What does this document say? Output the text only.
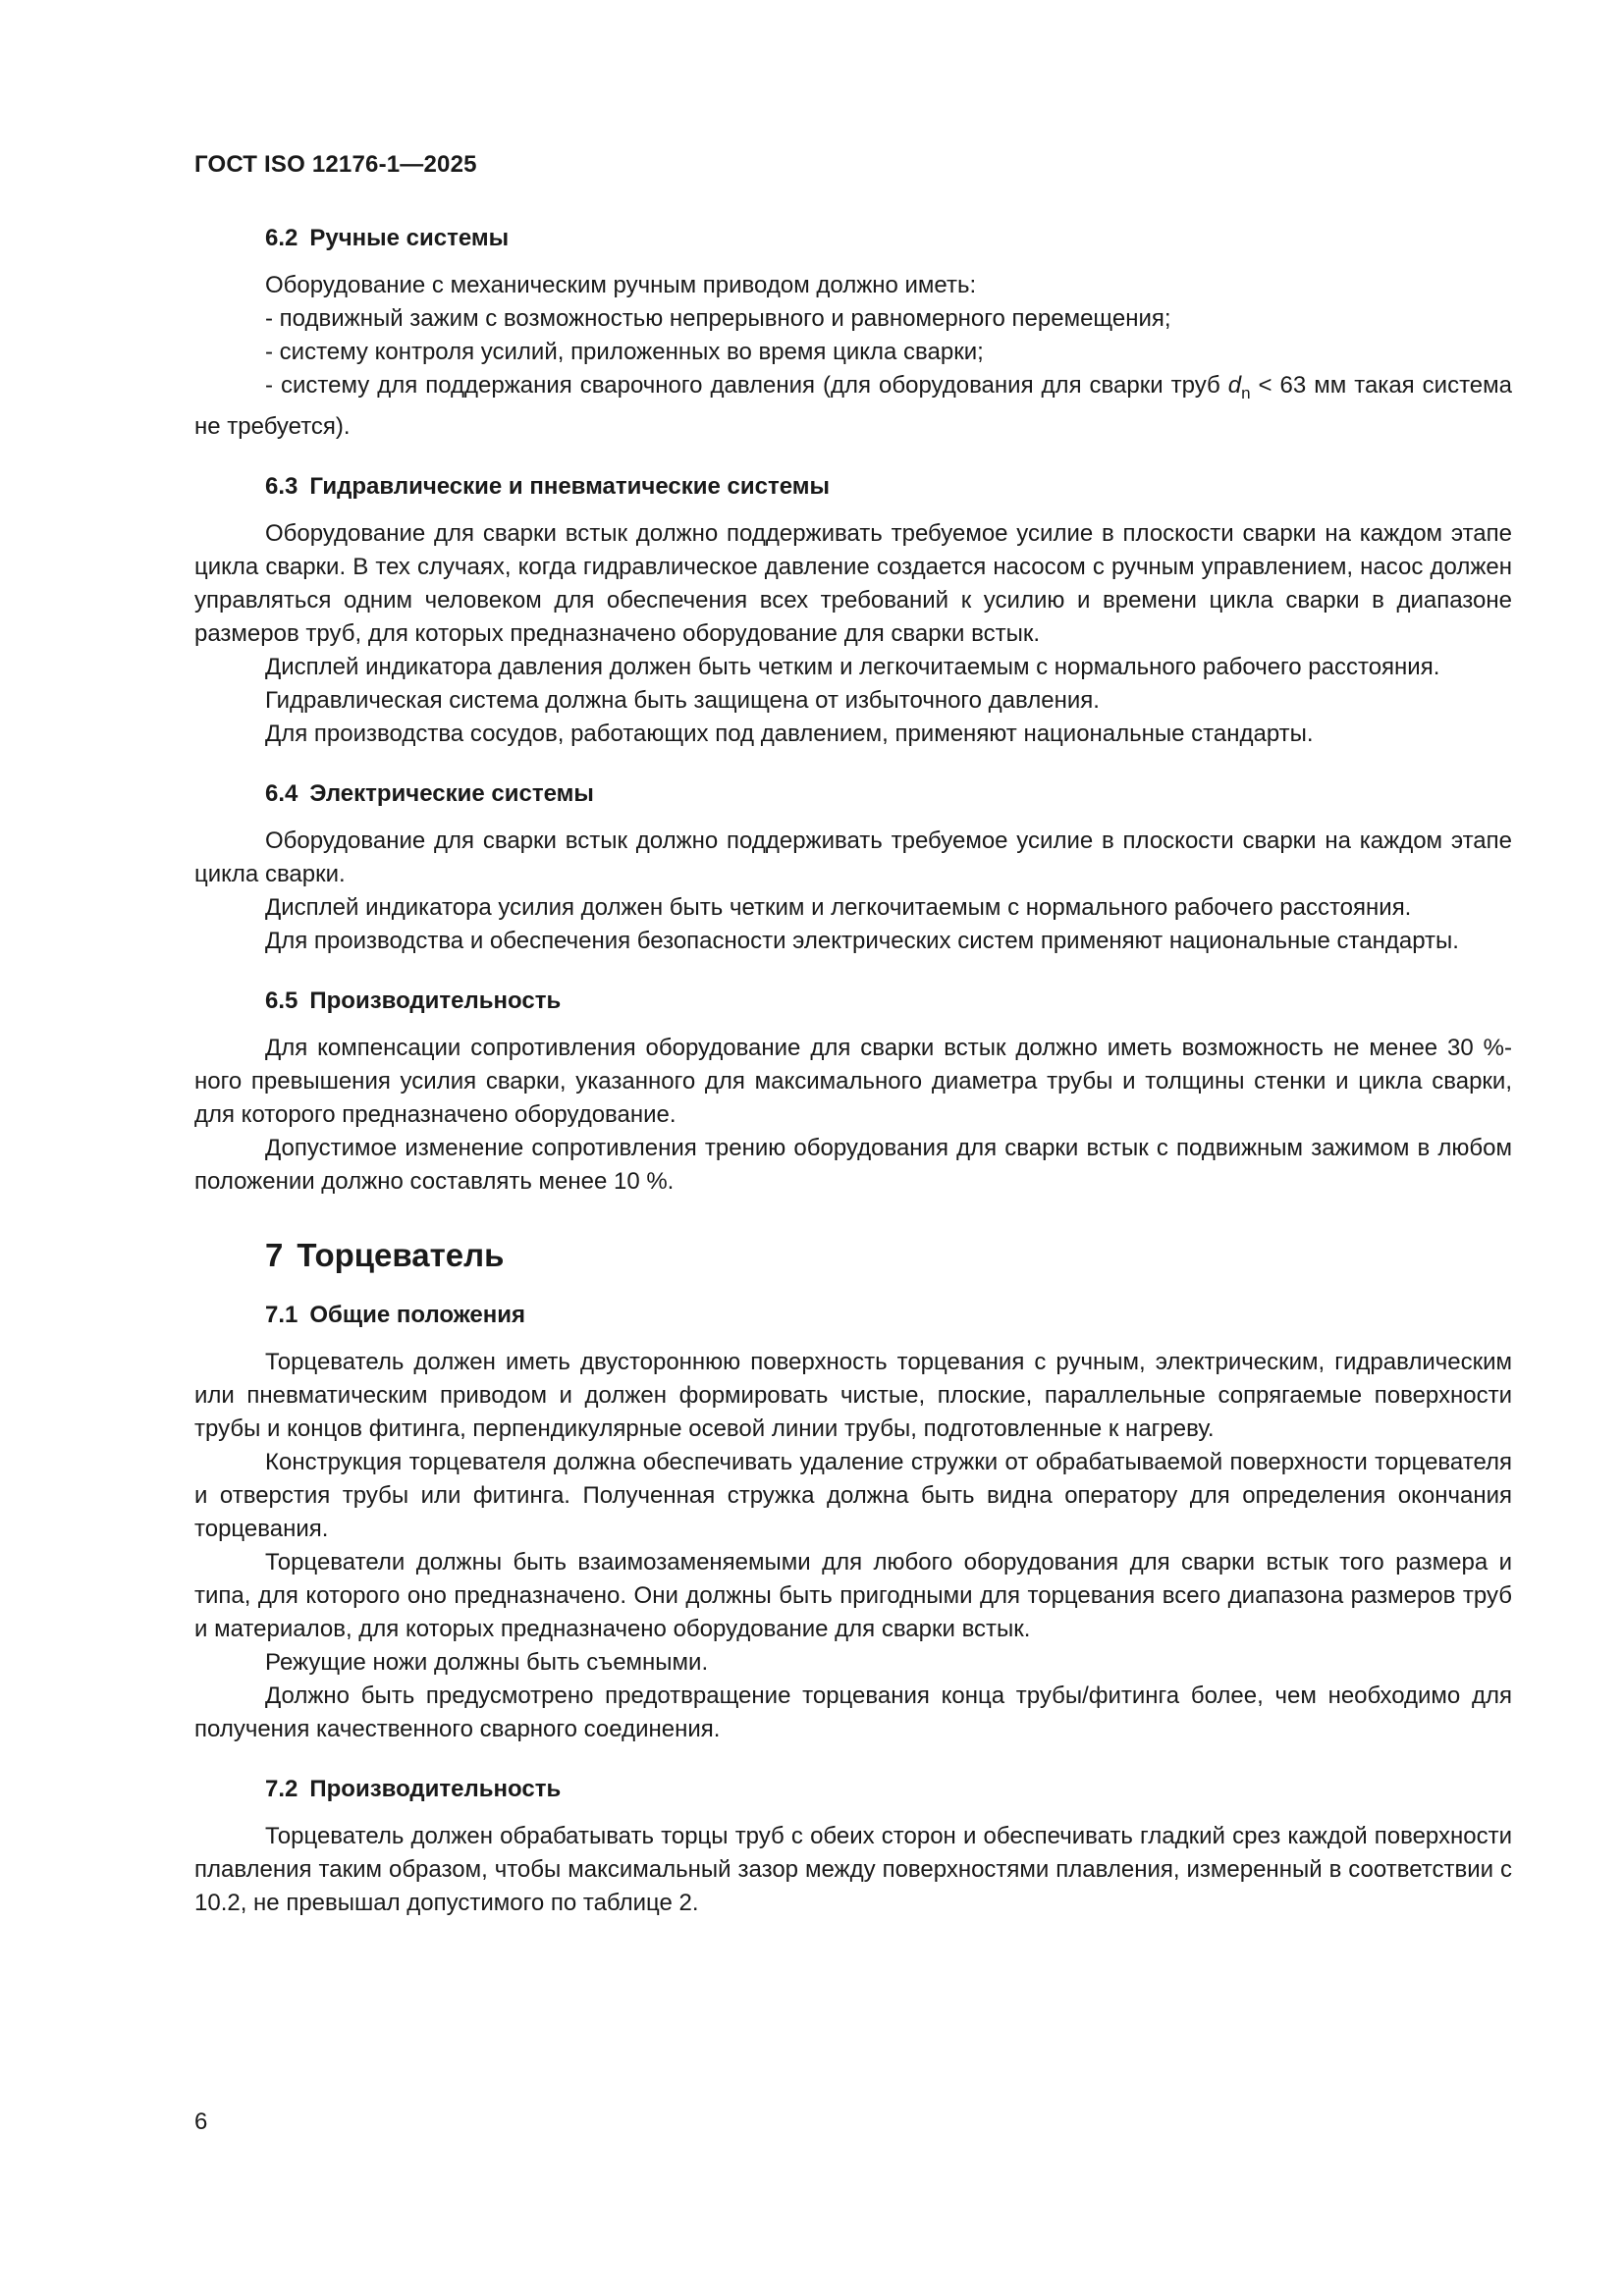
ГОСТ ISO 12176-1—2025
6.2 Ручные системы

Оборудование с механическим ручным приводом должно иметь:

- подвижный зажим с возможностью непрерывного и равномерного перемещения;
- систему контроля усилий, приложенных во время цикла сварки;
- систему для поддержания сварочного давления (для оборудования для сварки труб $d_n < 63$ мм такая система не требуется).
6.3 Гидравлические и пневматические системы

Оборудование для сварки встык должно поддерживать требуемое усилие в плоскости сварки на каждом этапе цикла сварки. В тех случаях, когда гидравлическое давление создается насосом с ручным управлением, насос должен управляться одним человеком для обеспечения всех требований к усилию и времени цикла сварки в диапазоне размеров труб, для которых предназначено оборудование для сварки встык.

Дисплей индикатора давления должен быть четким и легкочитаемым с нормального рабочего расстояния.

Гидравлическая система должна быть защищена от избыточного давления.

Для производства сосудов, работающих под давлением, применяют национальные стандарты.

6.4 Электрические системы

Оборудование для сварки встык должно поддерживать требуемое усилие в плоскости сварки на каждом этапе цикла сварки.

Дисплей индикатора усилия должен быть четким и легкочитаемым с нормального рабочего расстояния.

Для производства и обеспечения безопасности электрических систем применяют национальные стандарты.

6.5 Производительность

Для компенсации сопротивления оборудование для сварки встык должно иметь возможность не менее 30 %-ного превышения усилия сварки, указанного для максимального диаметра трубы и толщины стенки и цикла сварки, для которого предназначено оборудование.

Допустимое изменение сопротивления трению оборудования для сварки встык с подвижным зажимом в любом положении должно составлять менее 10 %.

7 Торцеватель
7.1 Общие положения

Торцеватель должен иметь двустороннюю поверхность торцевания с ручным, электрическим, гидравлическим или пневматическим приводом и должен формировать чистые, плоские, параллельные сопрягаемые поверхности трубы и концов фитинга, перпендикулярные осевой линии трубы, подготовленные к нагреву.

Конструкция торцевателя должна обеспечивать удаление стружки от обрабатываемой поверхности торцевателя и отверстия трубы или фитинга. Полученная стружка должна быть видна оператору для определения окончания торцевания.

Торцеватели должны быть взаимозаменяемыми для любого оборудования для сварки встык того размера и типа, для которого оно предназначено. Они должны быть пригодными для торцевания всего диапазона размеров труб и материалов, для которых предназначено оборудование для сварки встык.

Режущие ножи должны быть съемными.

Должно быть предусмотрено предотвращение торцевания конца трубы/фитинга более, чем необходимо для получения качественного сварного соединения.

7.2 Производительность

Торцеватель должен обрабатывать торцы труб с обеих сторон и обеспечивать гладкий срез каждой поверхности плавления таким образом, чтобы максимальный зазор между поверхностями плавления, измеренный в соответствии с 10.2, не превышал допустимого по таблице 2.

6
